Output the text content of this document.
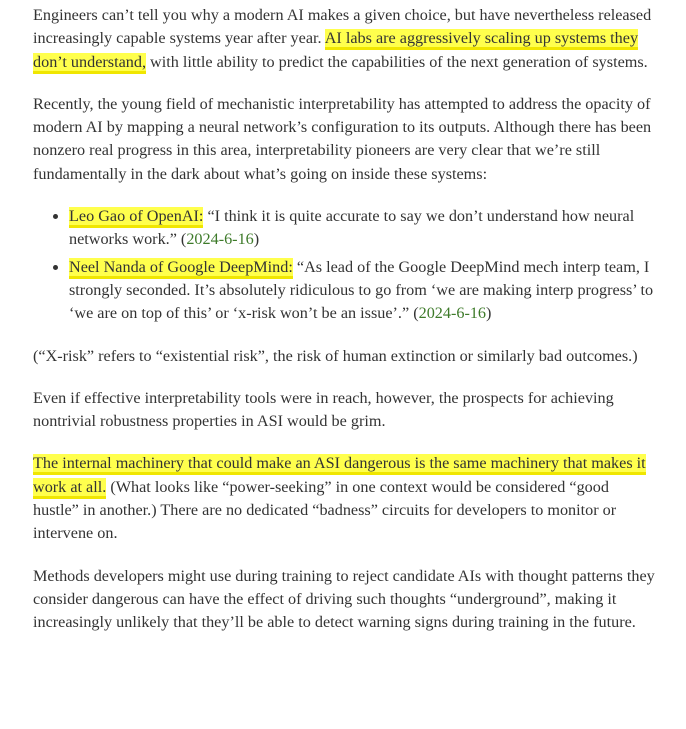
Engineers can’t tell you why a modern AI makes a given choice, but have nevertheless released increasingly capable systems year after year. AI labs are aggressively scaling up systems they don’t understand, with little ability to predict the capabilities of the next generation of systems.

Recently, the young field of mechanistic interpretability has attempted to address the opacity of modern AI by mapping a neural network’s configuration to its outputs. Although there has been nonzero real progress in this area, interpretability pioneers are very clear that we’re still fundamentally in the dark about what’s going on inside these systems:

• Leo Gao of OpenAI: “I think it is quite accurate to say we don’t understand how neural networks work.” (2024-6-16)
• Neel Nanda of Google DeepMind: “As lead of the Google DeepMind mech interp team, I strongly seconded. It’s absolutely ridiculous to go from ‘we are making interp progress’ to ‘we are on top of this’ or ‘x-risk won’t be an issue’.” (2024-6-16)

(“X-risk” refers to “existential risk”, the risk of human extinction or similarly bad outcomes.)

Even if effective interpretability tools were in reach, however, the prospects for achieving nontrivial robustness properties in ASI would be grim.

The internal machinery that could make an ASI dangerous is the same machinery that makes it work at all. (What looks like “power-seeking” in one context would be considered “good hustle” in another.) There are no dedicated “badness” circuits for developers to monitor or intervene on.

Methods developers might use during training to reject candidate AIs with thought patterns they consider dangerous can have the effect of driving such thoughts “underground”, making it increasingly unlikely that they’ll be able to detect warning signs during training in the future.
